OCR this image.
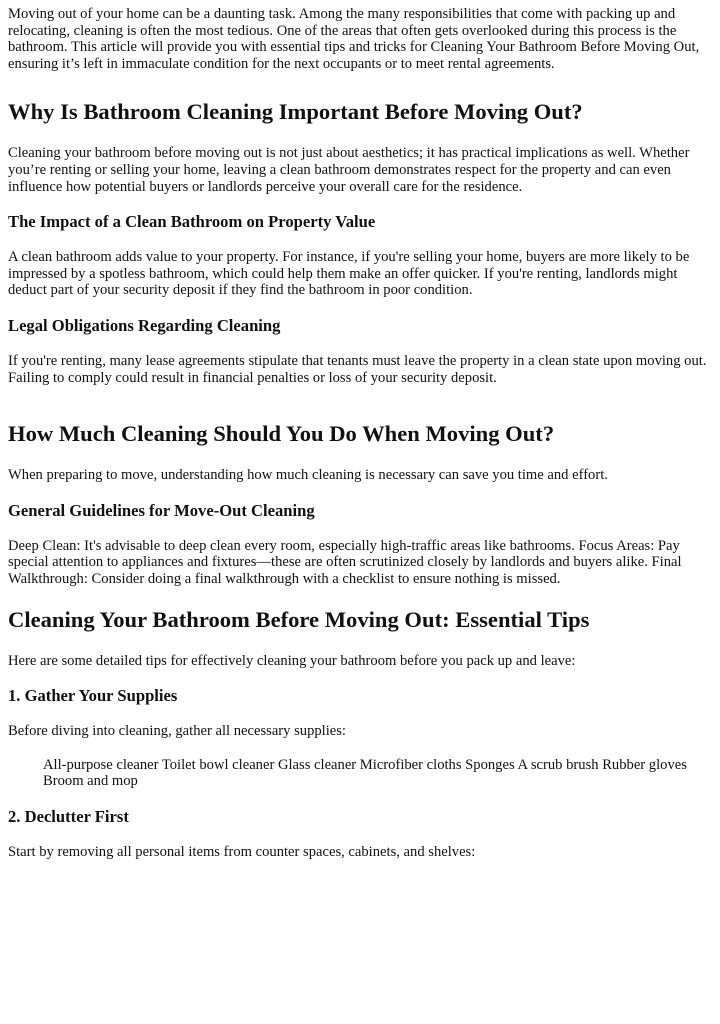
Moving out of your home can be a daunting task. Among the many responsibilities that come with packing up and relocating, cleaning is often the most tedious. One of the areas that often gets overlooked during this process is the bathroom. This article will provide you with essential tips and tricks for Cleaning Your Bathroom Before Moving Out, ensuring it’s left in immaculate condition for the next occupants or to meet rental agreements.

Why Is Bathroom Cleaning Important Before Moving Out?

Cleaning your bathroom before moving out is not just about aesthetics; it has practical implications as well. Whether you’re renting or selling your home, leaving a clean bathroom demonstrates respect for the property and can even influence how potential buyers or landlords perceive your overall care for the residence.

The Impact of a Clean Bathroom on Property Value

A clean bathroom adds value to your property. For instance, if you're selling your home, buyers are more likely to be impressed by a spotless bathroom, which could help them make an offer quicker. If you're renting, landlords might deduct part of your security deposit if they find the bathroom in poor condition.

Legal Obligations Regarding Cleaning

If you're renting, many lease agreements stipulate that tenants must leave the property in a clean state upon moving out. Failing to comply could result in financial penalties or loss of your security deposit.

How Much Cleaning Should You Do When Moving Out?

When preparing to move, understanding how much cleaning is necessary can save you time and effort.

General Guidelines for Move-Out Cleaning

Deep Clean: It's advisable to deep clean every room, especially high-traffic areas like bathrooms. Focus Areas: Pay special attention to appliances and fixtures—these are often scrutinized closely by landlords and buyers alike. Final Walkthrough: Consider doing a final walkthrough with a checklist to ensure nothing is missed.

Cleaning Your Bathroom Before Moving Out: Essential Tips

Here are some detailed tips for effectively cleaning your bathroom before you pack up and leave:

1. Gather Your Supplies

Before diving into cleaning, gather all necessary supplies:

All-purpose cleaner Toilet bowl cleaner Glass cleaner Microfiber cloths Sponges A scrub brush Rubber gloves Broom and mop
2. Declutter First

Start by removing all personal items from counter spaces, cabinets, and shelves:
